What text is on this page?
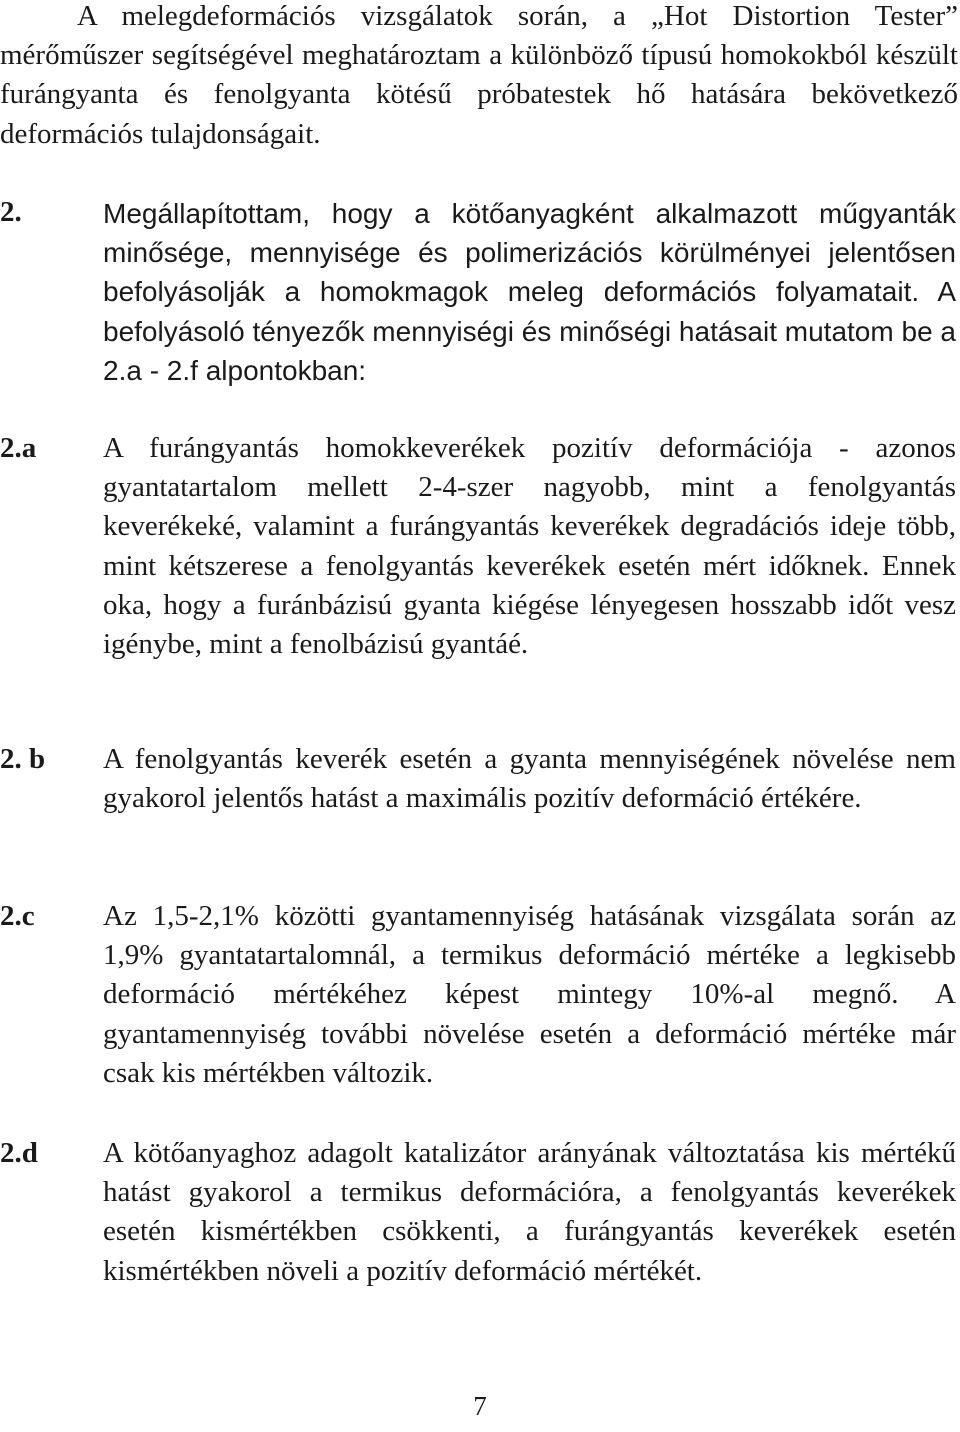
A melegdeformációs vizsgálatok során, a „Hot Distortion Tester” mérőműszer segítségével meghatároztam a különböző típusú homokokból készült furángyanta és fenolgyanta kötésű próbatestek hő hatására bekövetkező deformációs tulajdonságait.

2.	Megállapítottam, hogy a kötőanyagként alkalmazott műgyanták minősége, mennyisége és polimerizációs körülményei jelentősen befolyásolják a homokmagok meleg deformációs folyamatait. A befolyásoló tényezők mennyiségi és minőségi hatásait mutatom be a 2.a - 2.f alpontokban:

2.a A furángyantás homokkeverékek pozitív deformációja - azonos gyantatartalom mellett 2-4-szer nagyobb, mint a fenolgyantás keverékeké, valamint a furángyantás keverékek degradációs ideje több, mint kétszerese a fenolgyantás keverékek esetén mért időknek. Ennek oka, hogy a furánbázisú gyanta kiégése lényegesen hosszabb időt vesz igénybe, mint a fenolbázisú gyantáé.

2. b A fenolgyantás keverék esetén a gyanta mennyiségének növelése nem gyakorol jelentős hatást a maximális pozitív deformáció értékére.

2.c Az 1,5-2,1% közötti gyantamennyiség hatásának vizsgálata során az 1,9% gyantatartalomnál, a termikus deformáció mértéke a legkisebb deformáció mértékéhez képest mintegy 10%-al megnő. A gyantamennyiség további növelése esetén a deformáció mértéke már csak kis mértékben változik.

2.d A kötőanyaghoz adagolt katalizátor arányának változtatása kis mértékű hatást gyakorol a termikus deformációra, a fenolgyantás keverékek esetén kismértékben csökkenti, a furángyantás keverékek esetén kismértékben növeli a pozitív deformáció mértékét.

7
